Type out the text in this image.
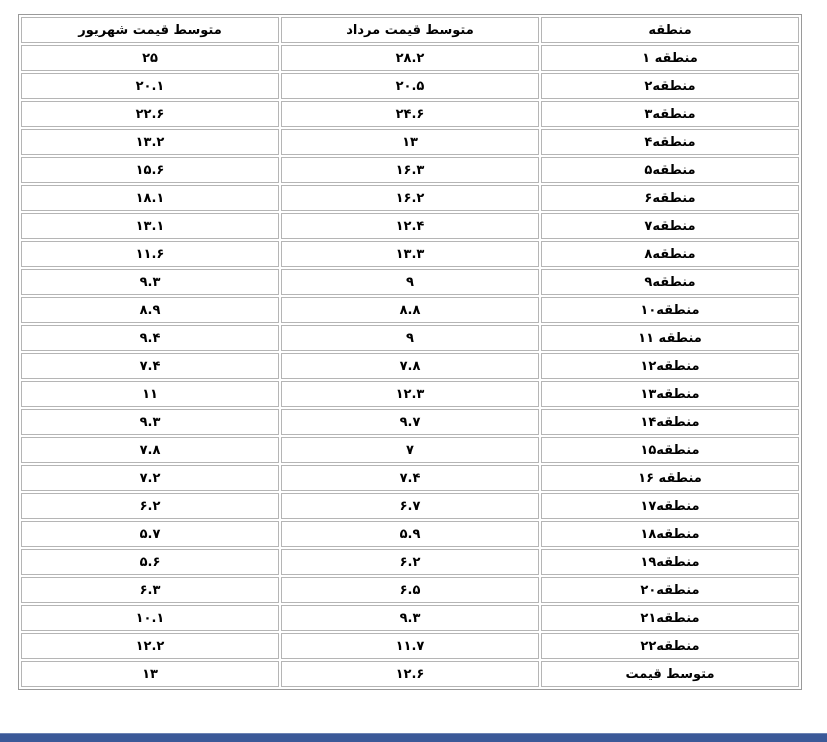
منطقه	متوسط قیمت مرداد	متوسط قیمت شهریور
منطقه ۱	۲۸.۲	۲۵
منطقه۲	۲۰.۵	۲۰.۱
منطقه۳	۲۴.۶	۲۲.۶
منطقه۴	۱۳	۱۳.۲
منطقه۵	۱۶.۳	۱۵.۶
منطقه۶	۱۶.۲	۱۸.۱
منطقه۷	۱۲.۴	۱۳.۱
منطقه۸	۱۳.۳	۱۱.۶
منطقه۹	۹	۹.۳
منطقه۱۰	۸.۸	۸.۹
منطقه ۱۱	۹	۹.۴
منطقه۱۲	۷.۸	۷.۴
منطقه۱۳	۱۲.۳	۱۱
منطقه۱۴	۹.۷	۹.۳
منطقه۱۵	۷	۷.۸
منطقه ۱۶	۷.۴	۷.۲
منطقه۱۷	۶.۷	۶.۲
منطقه۱۸	۵.۹	۵.۷
منطقه۱۹	۶.۲	۵.۶
منطقه۲۰	۶.۵	۶.۳
منطقه۲۱	۹.۳	۱۰.۱
منطقه۲۲	۱۱.۷	۱۲.۲
متوسط قیمت	۱۲.۶	۱۳
